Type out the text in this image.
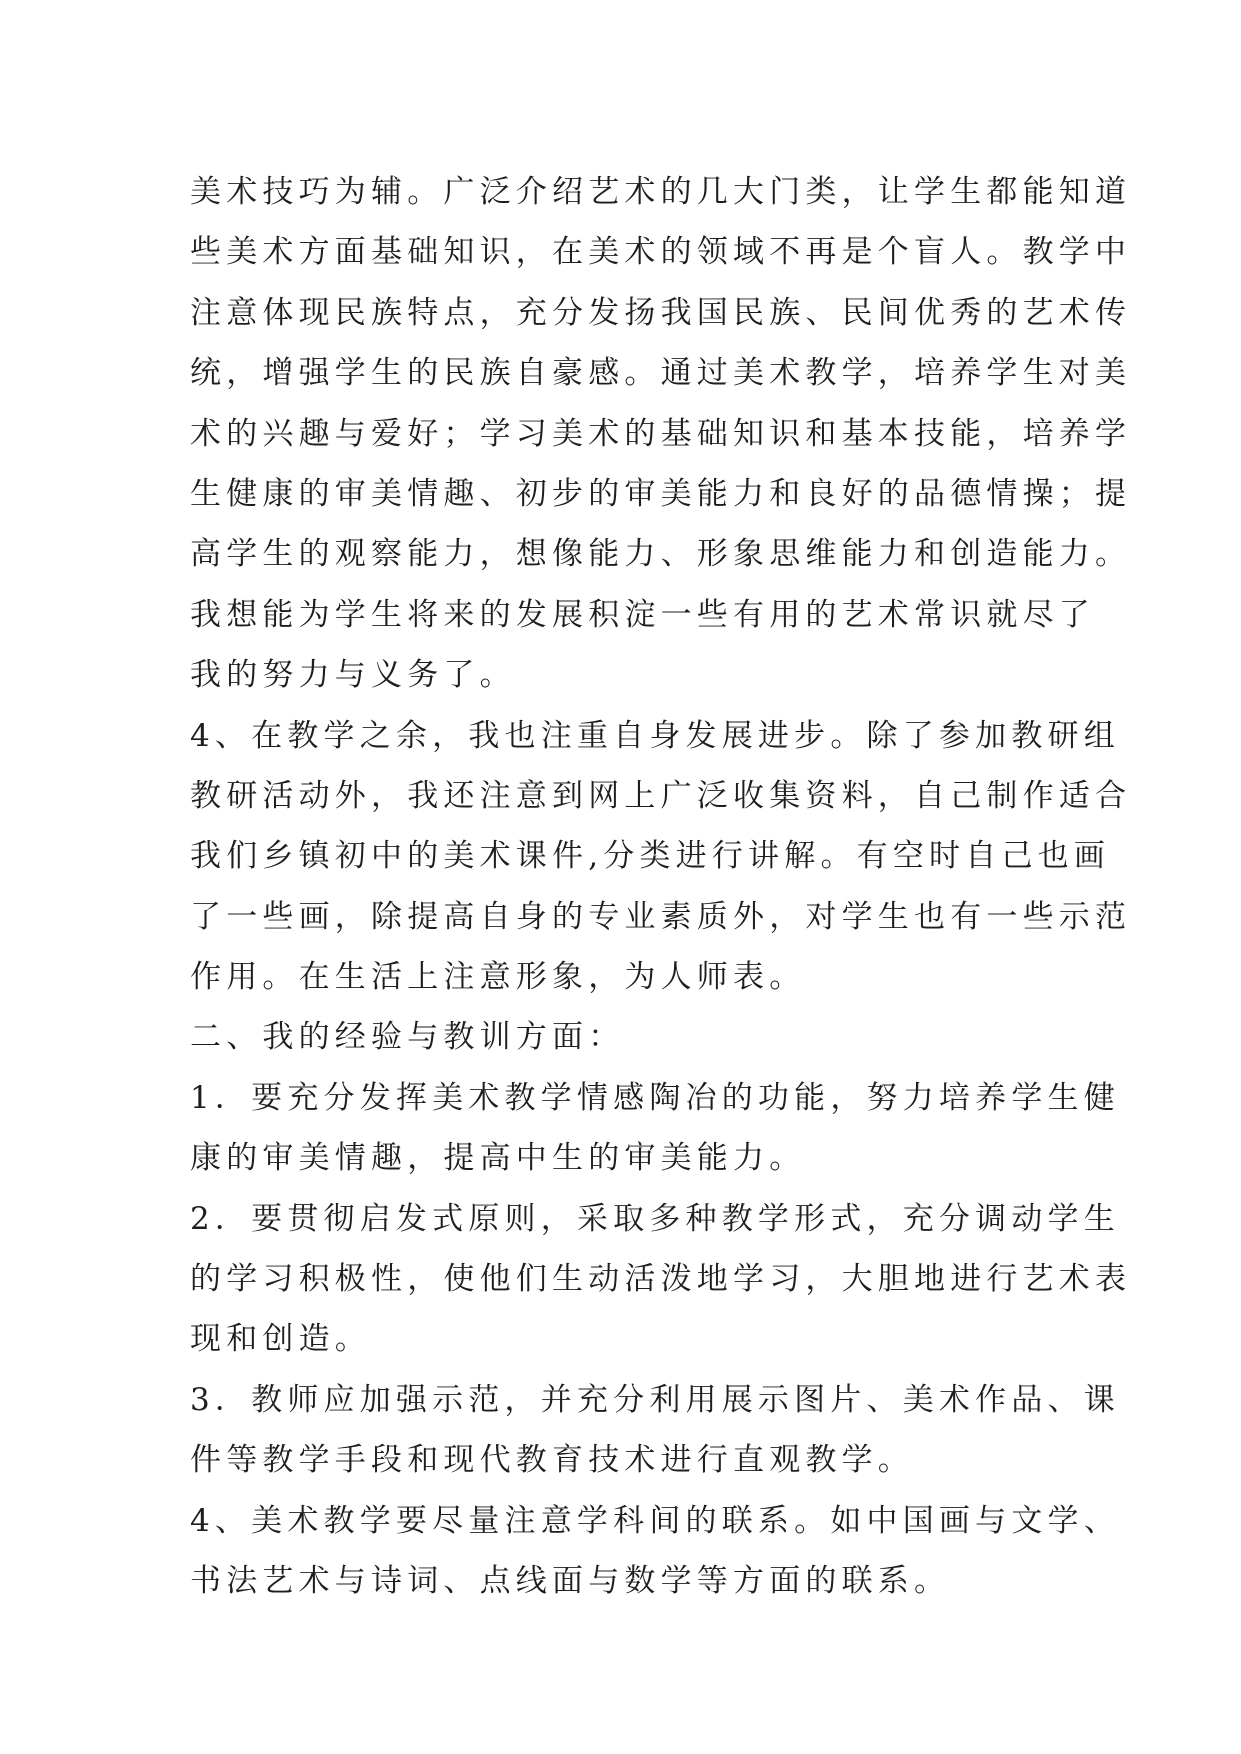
美术技巧为辅。广泛介绍艺术的几大门类，让学生都能知道
些美术方面基础知识，在美术的领域不再是个盲人。教学中
注意体现民族特点，充分发扬我国民族、民间优秀的艺术传
统，增强学生的民族自豪感。通过美术教学，培养学生对美
术的兴趣与爱好；学习美术的基础知识和基本技能，培养学
生健康的审美情趣、初步的审美能力和良好的品德情操；提
高学生的观察能力，想像能力、形象思维能力和创造能力。
我想能为学生将来的发展积淀一些有用的艺术常识就尽了
我的努力与义务了。
4、在教学之余，我也注重自身发展进步。除了参加教研组
教研活动外，我还注意到网上广泛收集资料，自己制作适合
我们乡镇初中的美术课件,分类进行讲解。有空时自己也画
了一些画，除提高自身的专业素质外，对学生也有一些示范
作用。在生活上注意形象，为人师表。
二、我的经验与教训方面：
1．要充分发挥美术教学情感陶冶的功能，努力培养学生健
康的审美情趣，提高中生的审美能力。
2．要贯彻启发式原则，采取多种教学形式，充分调动学生
的学习积极性，使他们生动活泼地学习，大胆地进行艺术表
现和创造。
3．教师应加强示范，并充分利用展示图片、美术作品、课
件等教学手段和现代教育技术进行直观教学。
4、美术教学要尽量注意学科间的联系。如中国画与文学、
书法艺术与诗词、点线面与数学等方面的联系。
